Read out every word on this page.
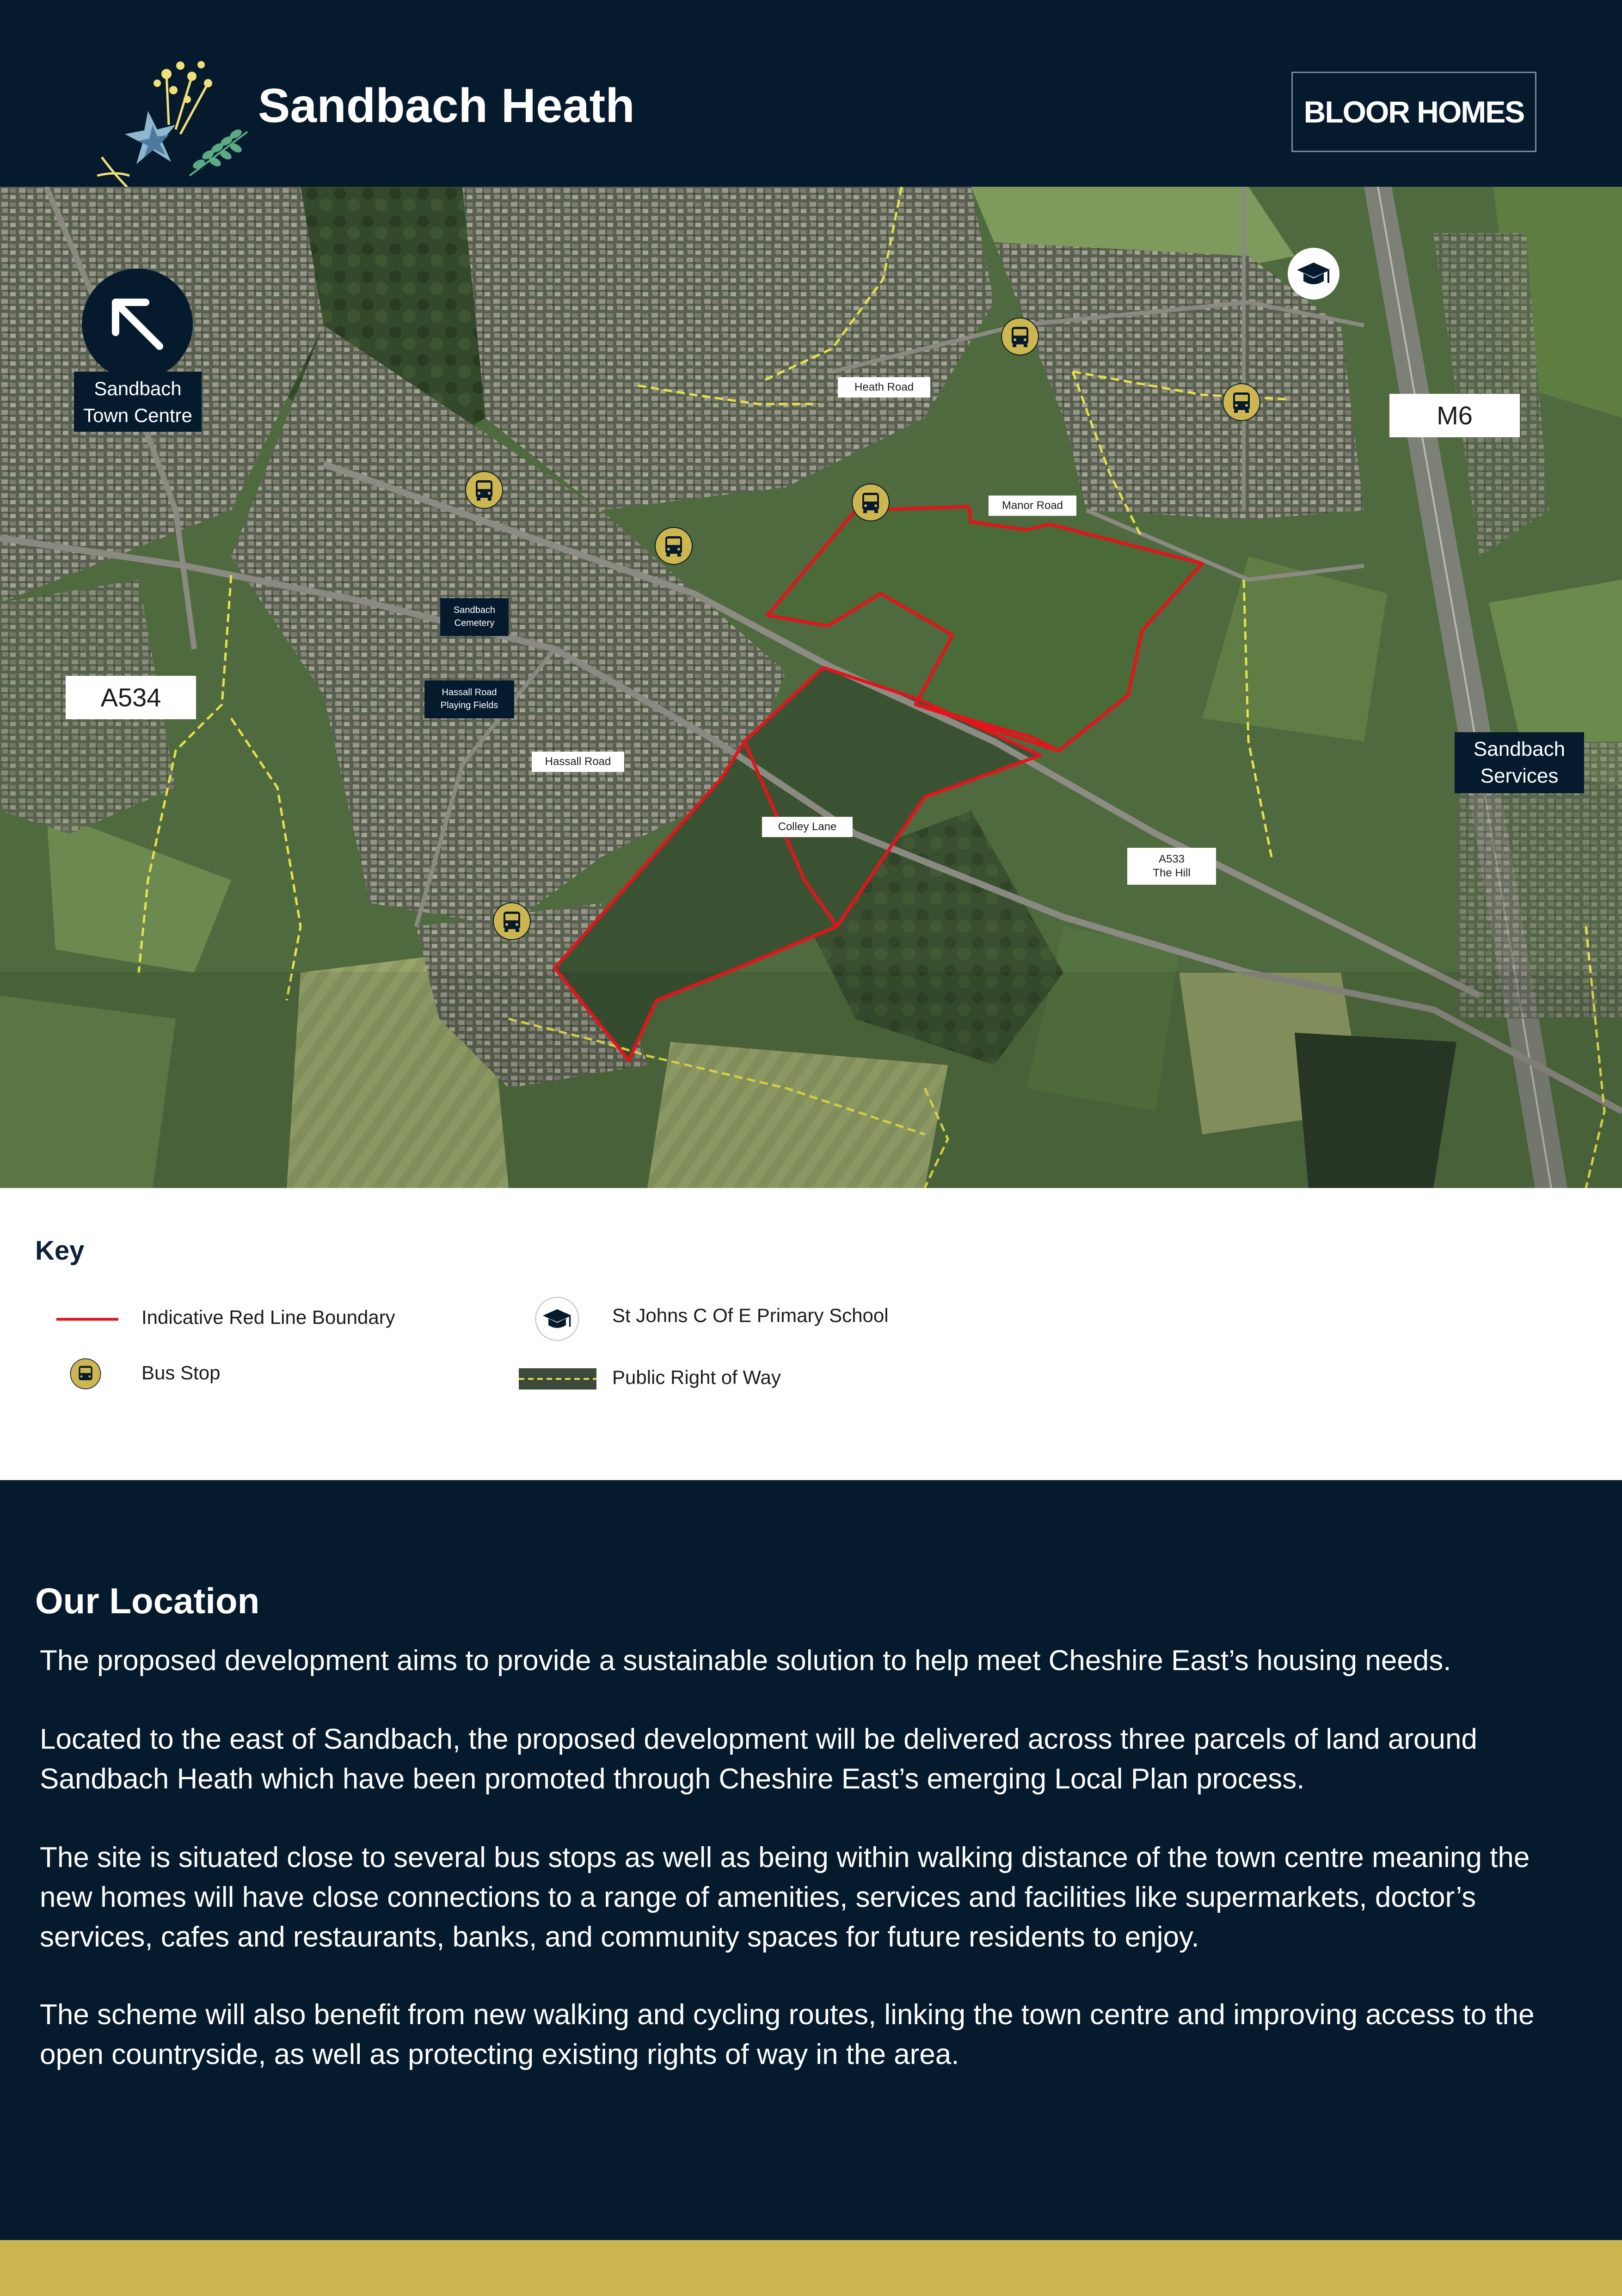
Sandbach Heath	BLOOR HOMES
Sandbach
Town Centre
Heath Road
Manor Road
Hassall Road
Colley Lane
A533
The Hill
M6
A534
Sandbach
Cemetery
Hassall Road
Playing Fields
Sandbach
Services
Key
Indicative Red Line Boundary
Bus Stop
St Johns C Of E Primary School
Public Right of Way
Our Location
The proposed development aims to provide a sustainable solution to help meet Cheshire East’s housing needs.
Located to the east of Sandbach, the proposed development will be delivered across three parcels of land around Sandbach Heath which have been promoted through Cheshire East’s emerging Local Plan process.
The site is situated close to several bus stops as well as being within walking distance of the town centre meaning the new homes will have close connections to a range of amenities, services and facilities like supermarkets, doctor’s services, cafes and restaurants, banks, and community spaces for future residents to enjoy.
The scheme will also benefit from new walking and cycling routes, linking the town centre and improving access to the open countryside, as well as protecting existing rights of way in the area.
